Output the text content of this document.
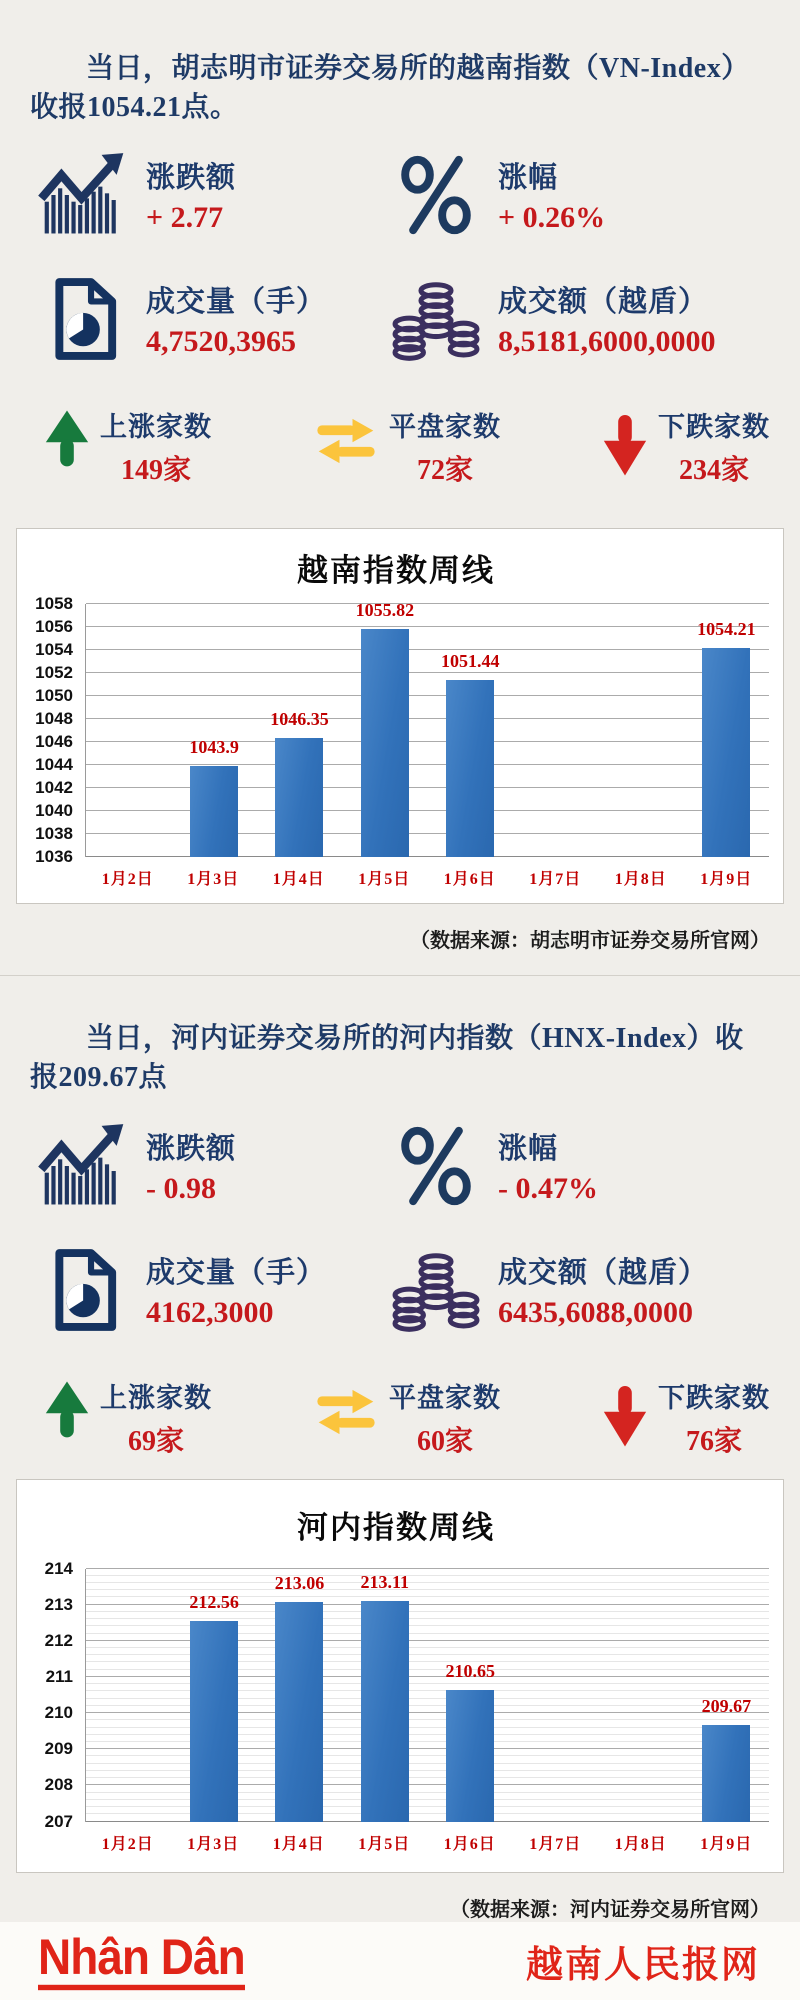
当日，胡志明市证券交易所的越南指数（VN-Index）收报1054.21点。
涨跌额
+ 2.77
涨幅
+ 0.26%
成交量（手）
4,7520,3965
成交额（越盾）
8,5181,6000,0000
上涨家数
149家
平盘家数
72家
下跌家数
234家
越南指数周线
1036
1038
1040
1042
1044
1046
1048
1050
1052
1054
1056
1058
1043.9
1046.35
1055.82
1051.44
1054.21
1月2日	1月3日	1月4日	1月5日	1月6日	1月7日	1月8日	1月9日
（数据来源：胡志明市证券交易所官网）
当日，河内证券交易所的河内指数（HNX-Index）收报209.67点
涨跌额
- 0.98
涨幅
- 0.47%
成交量（手）
4162,3000
成交额（越盾）
6435,6088,0000
上涨家数
69家
平盘家数
60家
下跌家数
76家
河内指数周线
207
208
209
210
211
212
213
214
212.56
213.06 213.11
210.65
209.67
1月2日	1月3日	1月4日	1月5日	1月6日	1月7日	1月8日	1月9日
（数据来源：河内证券交易所官网）
Nhân Dân	越南人民报网
